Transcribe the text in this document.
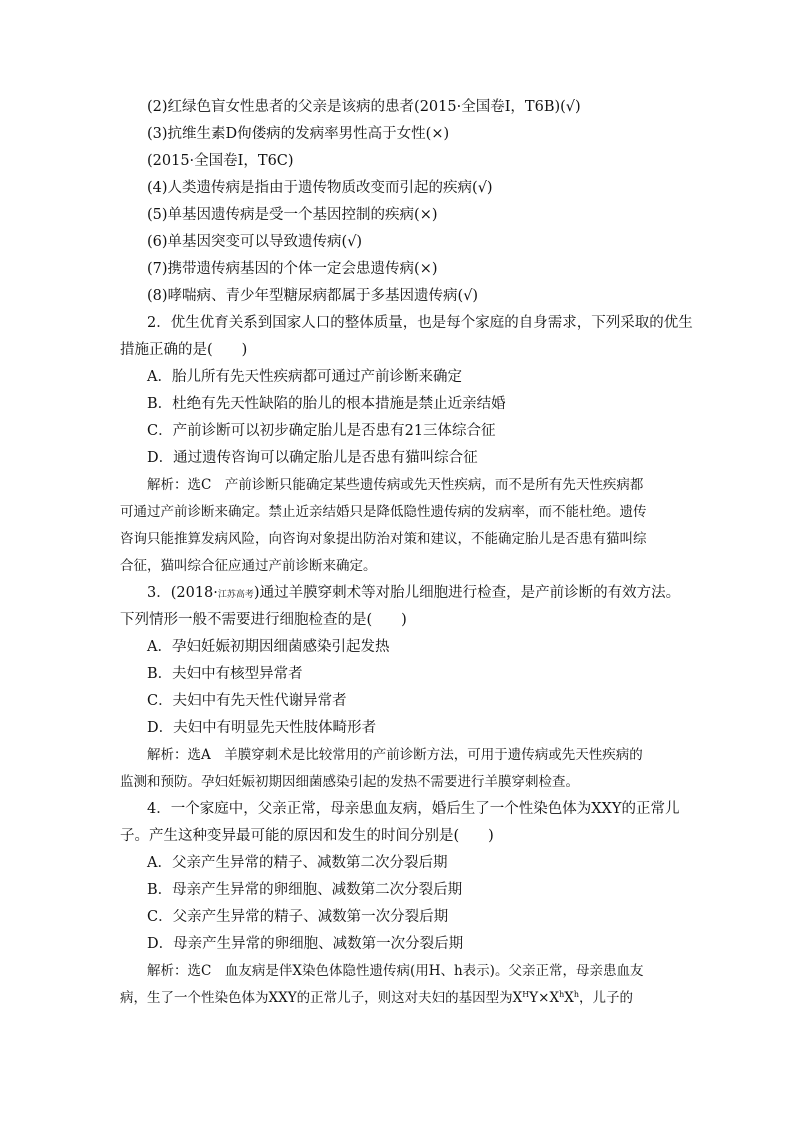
(2)红绿色盲女性患者的父亲是该病的患者(2015·全国卷Ⅰ，T6B)(√)
(3)抗维生素D佝偻病的发病率男性高于女性(×)
(2015·全国卷Ⅰ，T6C)
(4)人类遗传病是指由于遗传物质改变而引起的疾病(√)
(5)单基因遗传病是受一个基因控制的疾病(×)
(6)单基因突变可以导致遗传病(√)
(7)携带遗传病基因的个体一定会患遗传病(×)
(8)哮喘病、青少年型糖尿病都属于多基因遗传病(√)
2．优生优育关系到国家人口的整体质量，也是每个家庭的自身需求，下列采取的优生
措施正确的是(　　)
A．胎儿所有先天性疾病都可通过产前诊断来确定
B．杜绝有先天性缺陷的胎儿的根本措施是禁止近亲结婚
C．产前诊断可以初步确定胎儿是否患有21三体综合征
D．通过遗传咨询可以确定胎儿是否患有猫叫综合征
解析：选C　产前诊断只能确定某些遗传病或先天性疾病，而不是所有先天性疾病都
可通过产前诊断来确定。禁止近亲结婚只是降低隐性遗传病的发病率，而不能杜绝。遗传
咨询只能推算发病风险，向咨询对象提出防治对策和建议，不能确定胎儿是否患有猫叫综
合征，猫叫综合征应通过产前诊断来确定。
3．(2018·江苏高考)通过羊膜穿刺术等对胎儿细胞进行检查，是产前诊断的有效方法。
下列情形一般不需要进行细胞检查的是(　　)
A．孕妇妊娠初期因细菌感染引起发热
B．夫妇中有核型异常者
C．夫妇中有先天性代谢异常者
D．夫妇中有明显先天性肢体畸形者
解析：选A　羊膜穿刺术是比较常用的产前诊断方法，可用于遗传病或先天性疾病的
监测和预防。孕妇妊娠初期因细菌感染引起的发热不需要进行羊膜穿刺检查。
4．一个家庭中，父亲正常，母亲患血友病，婚后生了一个性染色体为XXY的正常儿
子。产生这种变异最可能的原因和发生的时间分别是(　　)
A．父亲产生异常的精子、减数第二次分裂后期
B．母亲产生异常的卵细胞、减数第二次分裂后期
C．父亲产生异常的精子、减数第一次分裂后期
D．母亲产生异常的卵细胞、减数第一次分裂后期
解析：选C　血友病是伴X染色体隐性遗传病(用H、h表示)。父亲正常，母亲患血友
病，生了一个性染色体为XXY的正常儿子，则这对夫妇的基因型为$X^HY\times X^hX^h$，儿子的
